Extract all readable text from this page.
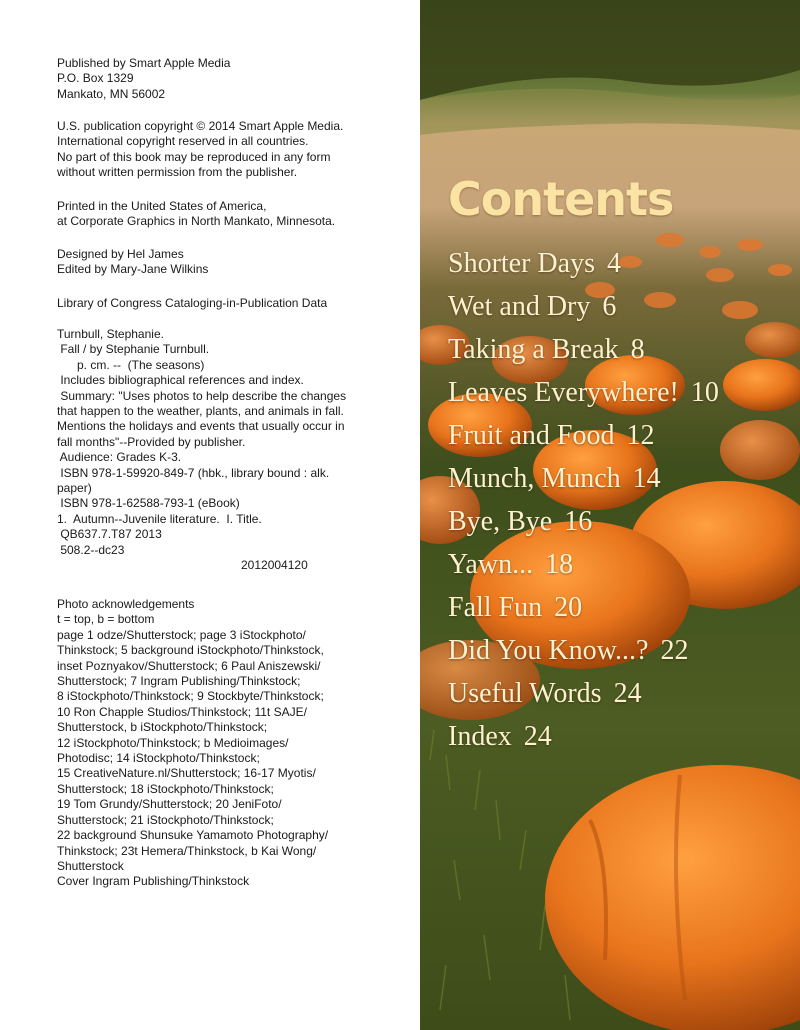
Published by Smart Apple Media
P.O. Box 1329
Mankato, MN 56002
U.S. publication copyright © 2014 Smart Apple Media.
International copyright reserved in all countries.
No part of this book may be reproduced in any form
without written permission from the publisher.
Printed in the United States of America,
at Corporate Graphics in North Mankato, Minnesota.
Designed by Hel James
Edited by Mary-Jane Wilkins
Library of Congress Cataloging-in-Publication Data
Turnbull, Stephanie.
Fall / by Stephanie Turnbull.
p. cm. --  (The seasons)
Includes bibliographical references and index.
Summary: "Uses photos to help describe the changes
that happen to the weather, plants, and animals in fall.
Mentions the holidays and events that usually occur in
fall months"--Provided by publisher.
Audience: Grades K-3.
ISBN 978-1-59920-849-7 (hbk., library bound : alk.
paper)
ISBN 978-1-62588-793-1 (eBook)
1.  Autumn--Juvenile literature.  I. Title.
QB637.7.T87 2013
508.2--dc23
2012004120
Photo acknowledgements
t = top, b = bottom
page 1 odze/Shutterstock; page 3 iStockphoto/
Thinkstock; 5 background iStockphoto/Thinkstock,
inset Poznyakov/Shutterstock; 6 Paul Aniszewski/
Shutterstock; 7 Ingram Publishing/Thinkstock;
8 iStockphoto/Thinkstock; 9 Stockbyte/Thinkstock;
10 Ron Chapple Studios/Thinkstock; 11t SAJE/
Shutterstock, b iStockphoto/Thinkstock;
12 iStockphoto/Thinkstock; b Medioimages/
Photodisc; 14 iStockphoto/Thinkstock;
15 CreativeNature.nl/Shutterstock; 16-17 Myotis/
Shutterstock; 18 iStockphoto/Thinkstock;
19 Tom Grundy/Shutterstock; 20 JeniFoto/
Shutterstock; 21 iStockphoto/Thinkstock;
22 background Shunsuke Yamamoto Photography/
Thinkstock; 23t Hemera/Thinkstock, b Kai Wong/
Shutterstock
Cover Ingram Publishing/Thinkstock
Contents
Shorter Days 4
Wet and Dry 6
Taking a Break 8
Leaves Everywhere! 10
Fruit and Food 12
Munch, Munch 14
Bye, Bye 16
Yawn... 18
Fall Fun 20
Did You Know...? 22
Useful Words 24
Index 24
